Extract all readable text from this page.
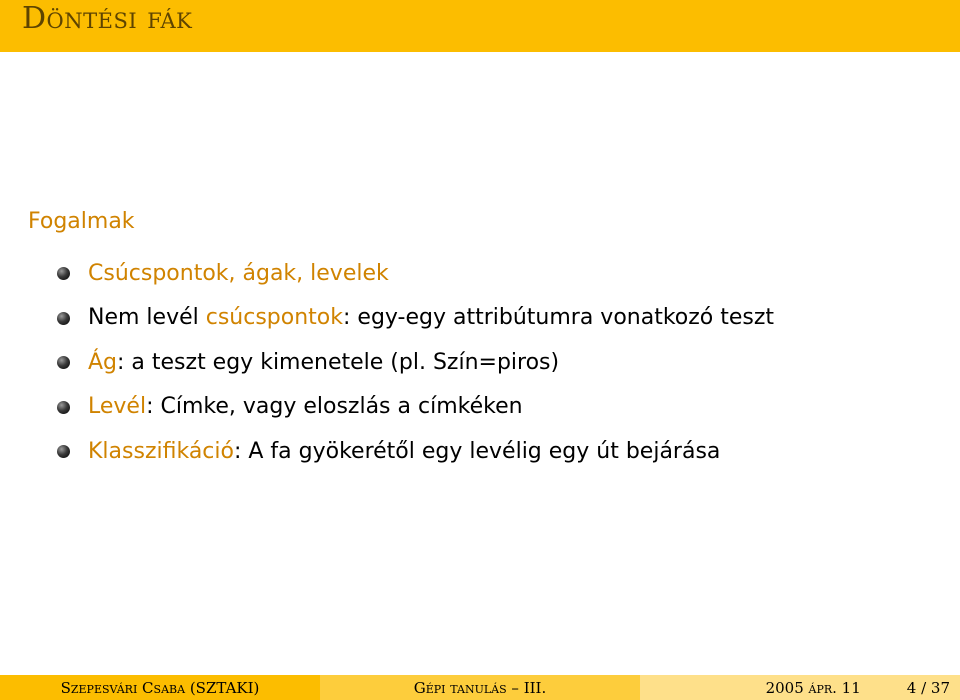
Döntési fák
Fogalmak
Csúcspontok, ágak, levelek
Nem levél csúcspontok: egy-egy attribútumra vonatkozó teszt
Ág: a teszt egy kimenetele (pl. Szín=piros)
Levél: Címke, vagy eloszlás a címkéken
Klasszifikáció: A fa gyökerétől egy levélig egy út bejárása
Szepesvári Csaba
(SZTAKI)	Gépi tanulás – III.	2005 ápr. 11	4 / 37
